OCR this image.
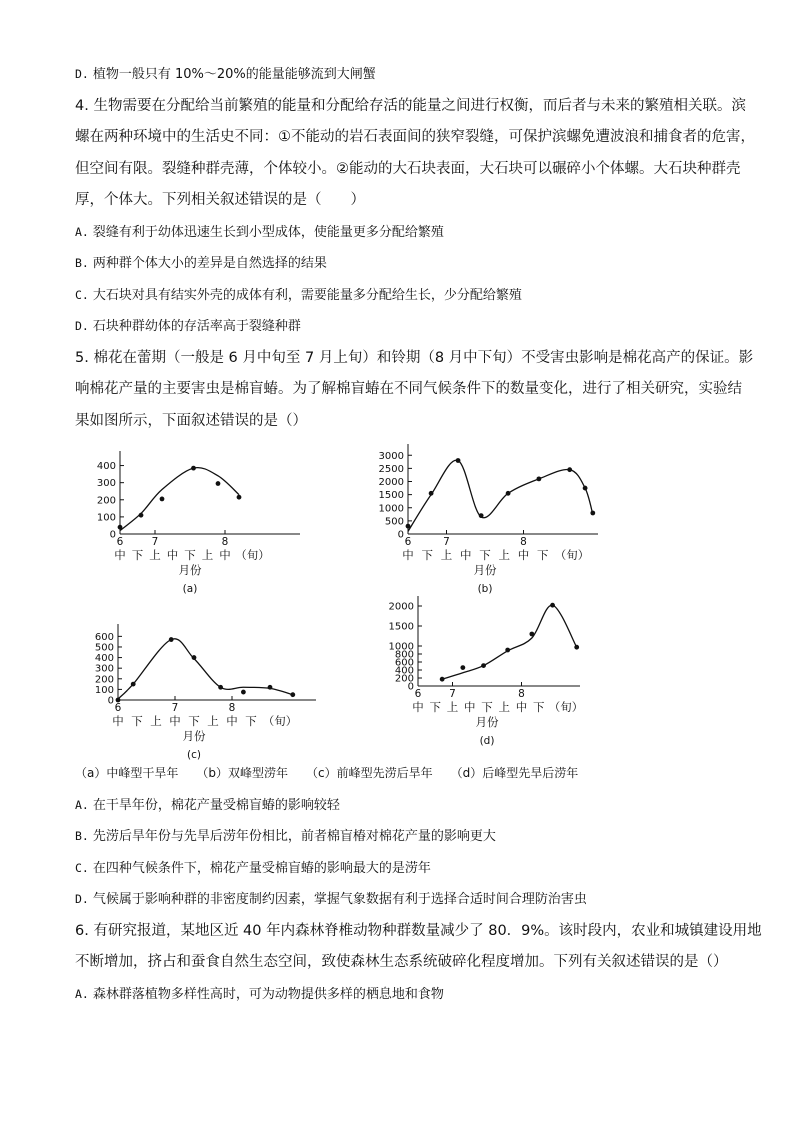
D. 植物一般只有 10%～20%的能量能够流到大闸蟹
4. 生物需要在分配给当前繁殖的能量和分配给存活的能量之间进行权衡，而后者与未来的繁殖相关联。滨
螺在两种环境中的生活史不同：①不能动的岩石表面间的狭窄裂缝，可保护滨螺免遭波浪和捕食者的危害，
但空间有限。裂缝种群壳薄，个体较小。②能动的大石块表面，大石块可以碾碎小个体螺。大石块种群壳
厚，个体大。下列相关叙述错误的是（　　）
A. 裂缝有利于幼体迅速生长到小型成体，使能量更多分配给繁殖
B. 两种群个体大小的差异是自然选择的结果
C. 大石块对具有结实外壳的成体有利，需要能量多分配给生长，少分配给繁殖
D. 石块种群幼体的存活率高于裂缝种群
5. 棉花在蕾期（一般是 6 月中旬至 7 月上旬）和铃期（8 月中下旬）不受害虫影响是棉花高产的保证。影
响棉花产量的主要害虫是棉盲蝽。为了解棉盲蝽在不同气候条件下的数量变化，进行了相关研究，实验结
果如图所示，下面叙述错误的是（）
0
100
200
300
400
6	7	8
中 下 上 中 下 上 中 （旬）
月份
(a)
0
500
1000
1500
2000
2500
3000
6	7	8
中 下 上 中 下 上 中 下 （旬）
月份
(b)
0
100
200
300
400
500
600
6	7	8
中 下 上 中 下 上 中 下 （旬）
月份
(c)
0
200
400
600
800
1000
1500
2000
6	7	8
中 下 上 中 下 上 中 下 （旬）
月份
(d)
（a）中峰型干旱年　　（b）双峰型涝年　　（c）前峰型先涝后旱年　　（d）后峰型先旱后涝年
A. 在干旱年份，棉花产量受棉盲蝽的影响较轻
B. 先涝后旱年份与先旱后涝年份相比，前者棉盲椿对棉花产量的影响更大
C. 在四种气候条件下，棉花产量受棉盲蝽的影响最大的是涝年
D. 气候属于影响种群的非密度制约因素，掌握气象数据有利于选择合适时间合理防治害虫
6. 有研究报道，某地区近 40 年内森林脊椎动物种群数量减少了 80．9%。该时段内，农业和城镇建设用地
不断增加，挤占和蚕食自然生态空间，致使森林生态系统破碎化程度增加。下列有关叙述错误的是（）
A. 森林群落植物多样性高时，可为动物提供多样的栖息地和食物
